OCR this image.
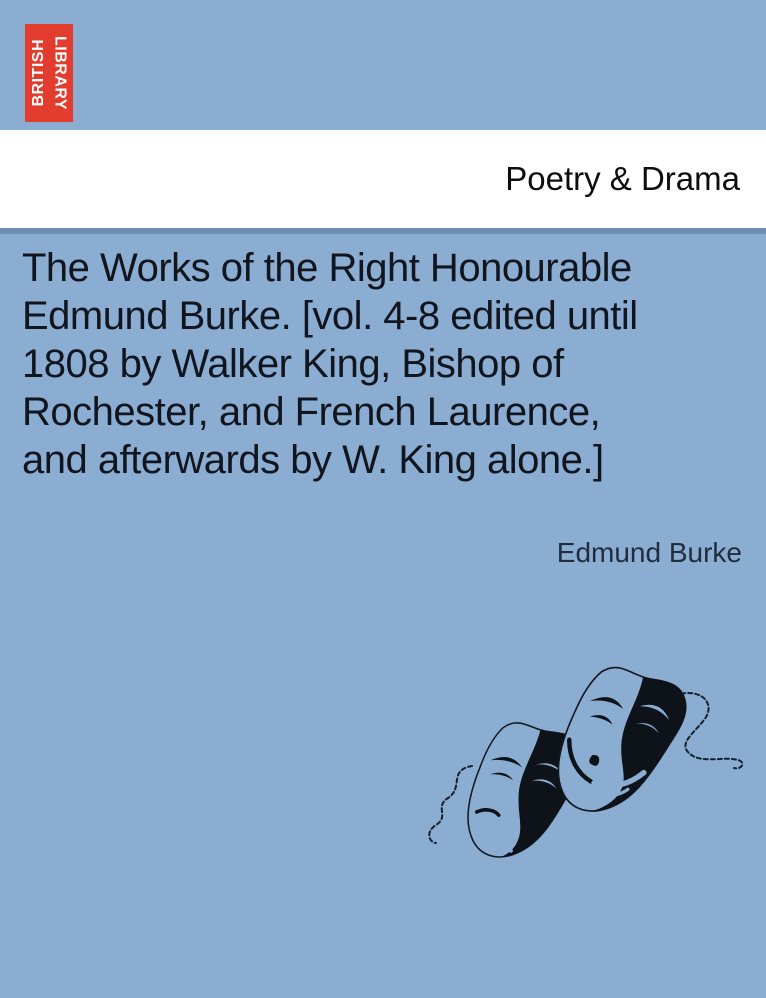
BRITISH LIBRARY
Poetry & Drama
The Works of the Right Honourable
Edmund Burke. [vol. 4-8 edited until
1808 by Walker King, Bishop of
Rochester, and French Laurence,
and afterwards by W. King alone.]
Edmund Burke
